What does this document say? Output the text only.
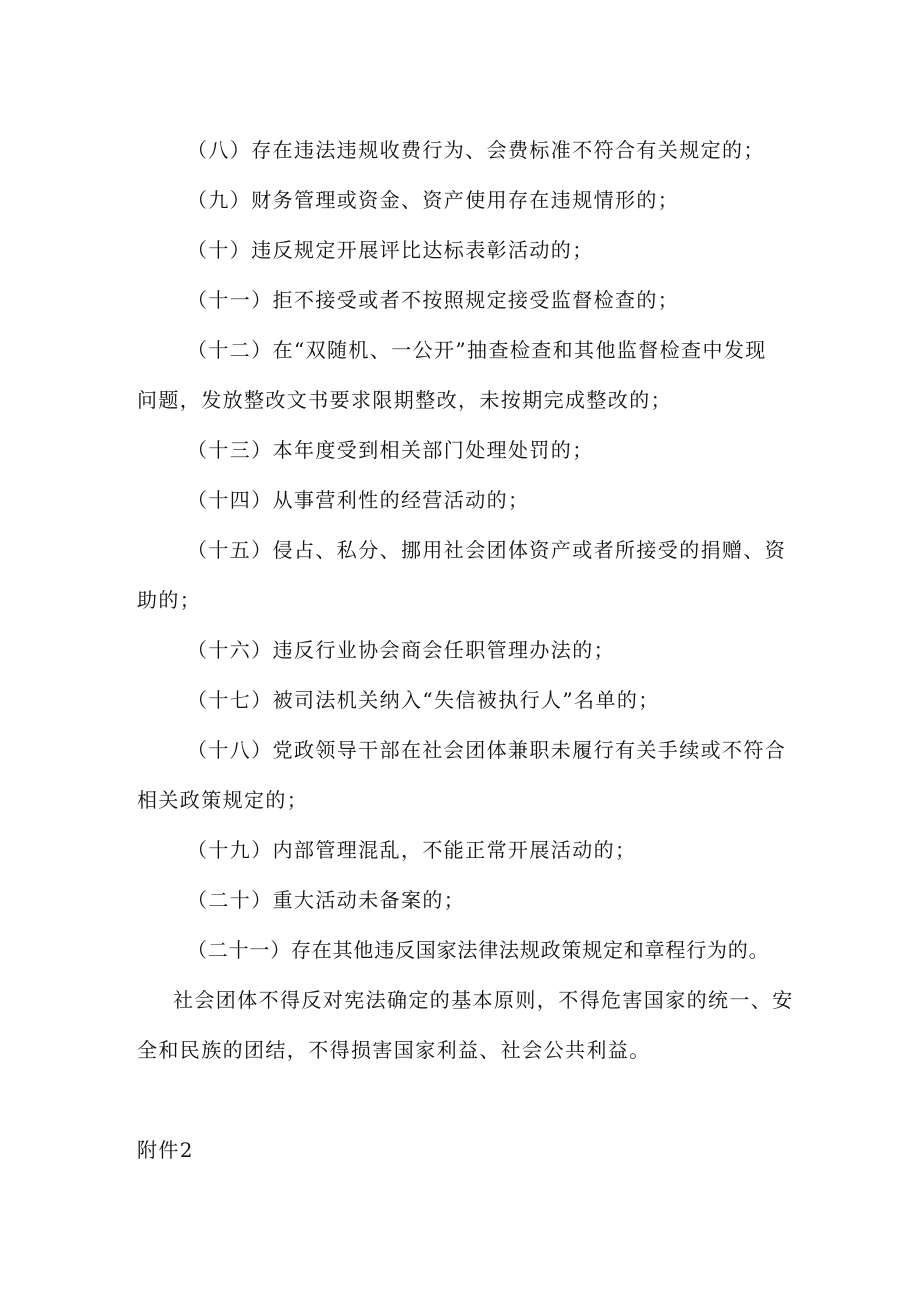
（八）存在违法违规收费行为、会费标准不符合有关规定的；
（九）财务管理或资金、资产使用存在违规情形的；
（十）违反规定开展评比达标表彰活动的；
（十一）拒不接受或者不按照规定接受监督检查的；
（十二）在“双随机、一公开”抽查检查和其他监督检查中发现
问题，发放整改文书要求限期整改，未按期完成整改的；
（十三）本年度受到相关部门处理处罚的；
（十四）从事营利性的经营活动的；
（十五）侵占、私分、挪用社会团体资产或者所接受的捐赠、资
助的；
（十六）违反行业协会商会任职管理办法的；
（十七）被司法机关纳入“失信被执行人”名单的；
（十八）党政领导干部在社会团体兼职未履行有关手续或不符合
相关政策规定的；
（十九）内部管理混乱，不能正常开展活动的；
（二十）重大活动未备案的；
（二十一）存在其他违反国家法律法规政策规定和章程行为的。
社会团体不得反对宪法确定的基本原则，不得危害国家的统一、安
全和民族的团结，不得损害国家利益、社会公共利益。
附件2
